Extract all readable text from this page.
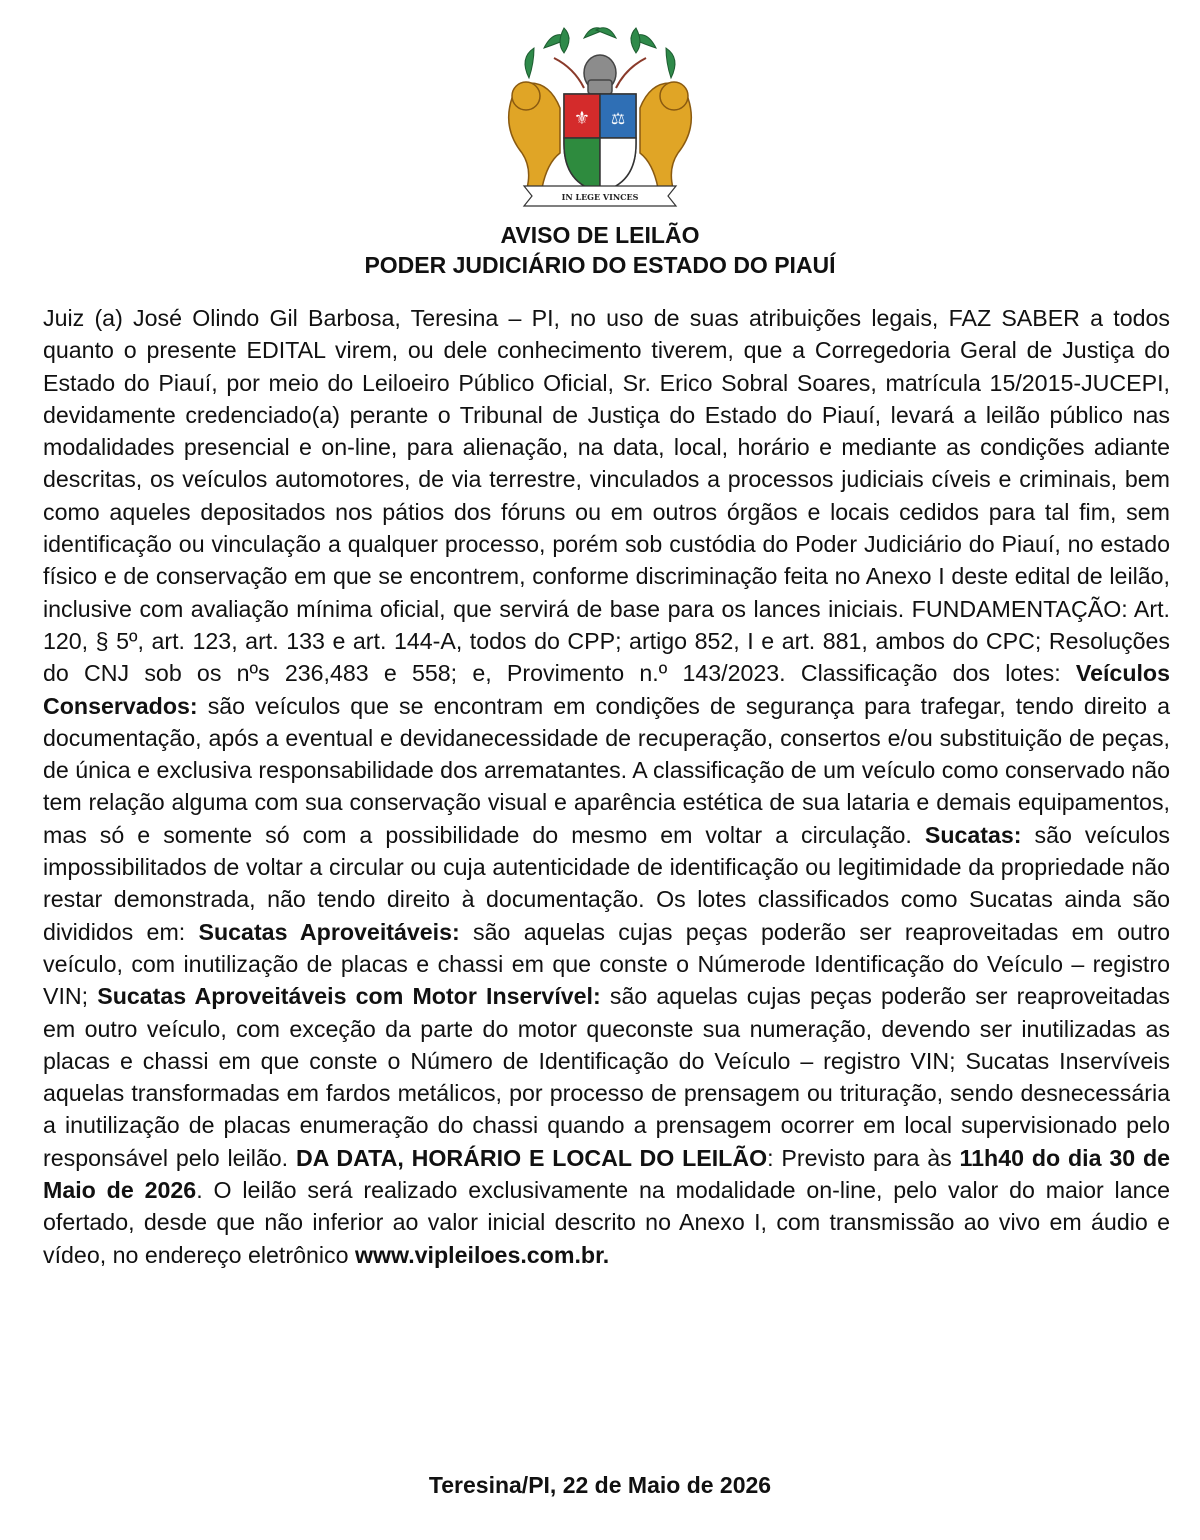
⚜ ⚖
IN LEGE VINCES
AVISO DE LEILÃO
PODER JUDICIÁRIO DO ESTADO DO PIAUÍ

Juiz (a) José Olindo Gil Barbosa, Teresina – PI, no uso de suas atribuições legais, FAZ SABER a todos quanto o presente EDITAL virem, ou dele conhecimento tiverem, que a Corregedoria Geral de Justiça do Estado do Piauí, por meio do Leiloeiro Público Oficial, Sr. Erico Sobral Soares, matrícula 15/2015-JUCEPI, devidamente credenciado(a) perante o Tribunal de Justiça do Estado do Piauí, levará a leilão público nas modalidades presencial e on-line, para alienação, na data, local, horário e mediante as condições adiante descritas, os veículos automotores, de via terrestre, vinculados a processos judiciais cíveis e criminais, bem como aqueles depositados nos pátios dos fóruns ou em outros órgãos e locais cedidos para tal fim, sem identificação ou vinculação a qualquer processo, porém sob custódia do Poder Judiciário do Piauí, no estado físico e de conservação em que se encontrem, conforme discriminação feita no Anexo I deste edital de leilão, inclusive com avaliação mínima oficial, que servirá de base para os lances iniciais. FUNDAMENTAÇÃO: Art. 120, § 5º, art. 123, art. 133 e art. 144-A, todos do CPP; artigo 852, I e art. 881, ambos do CPC; Resoluções do CNJ sob os nºs 236,483 e 558; e, Provimento n.º 143/2023. Classificação dos lotes: Veículos Conservados: são veículos que se encontram em condições de segurança para trafegar, tendo direito a documentação, após a eventual e devidanecessidade de recuperação, consertos e/ou substituição de peças, de única e exclusiva responsabilidade dos arrematantes. A classificação de um veículo como conservado não tem relação alguma com sua conservação visual e aparência estética de sua lataria e demais equipamentos, mas só e somente só com a possibilidade do mesmo em voltar a circulação. Sucatas: são veículos impossibilitados de voltar a circular ou cuja autenticidade de identificação ou legitimidade da propriedade não restar demonstrada, não tendo direito à documentação. Os lotes classificados como Sucatas ainda são divididos em: Sucatas Aproveitáveis: são aquelas cujas peças poderão ser reaproveitadas em outro veículo, com inutilização de placas e chassi em que conste o Númerode Identificação do Veículo – registro VIN; Sucatas Aproveitáveis com Motor Inservível: são aquelas cujas peças poderão ser reaproveitadas em outro veículo, com exceção da parte do motor queconste sua numeração, devendo ser inutilizadas as placas e chassi em que conste o Número de Identificação do Veículo – registro VIN; Sucatas Inservíveis aquelas transformadas em fardos metálicos, por processo de prensagem ou trituração, sendo desnecessária a inutilização de placas enumeração do chassi quando a prensagem ocorrer em local supervisionado pelo responsável pelo leilão. DA DATA, HORÁRIO E LOCAL DO LEILÃO: Previsto para às 11h40 do dia 30 de Maio de 2026. O leilão será realizado exclusivamente na modalidade on-line, pelo valor do maior lance ofertado, desde que não inferior ao valor inicial descrito no Anexo I, com transmissão ao vivo em áudio e vídeo, no endereço eletrônico www.vipleiloes.com.br.

Teresina/PI, 22 de Maio de 2026
